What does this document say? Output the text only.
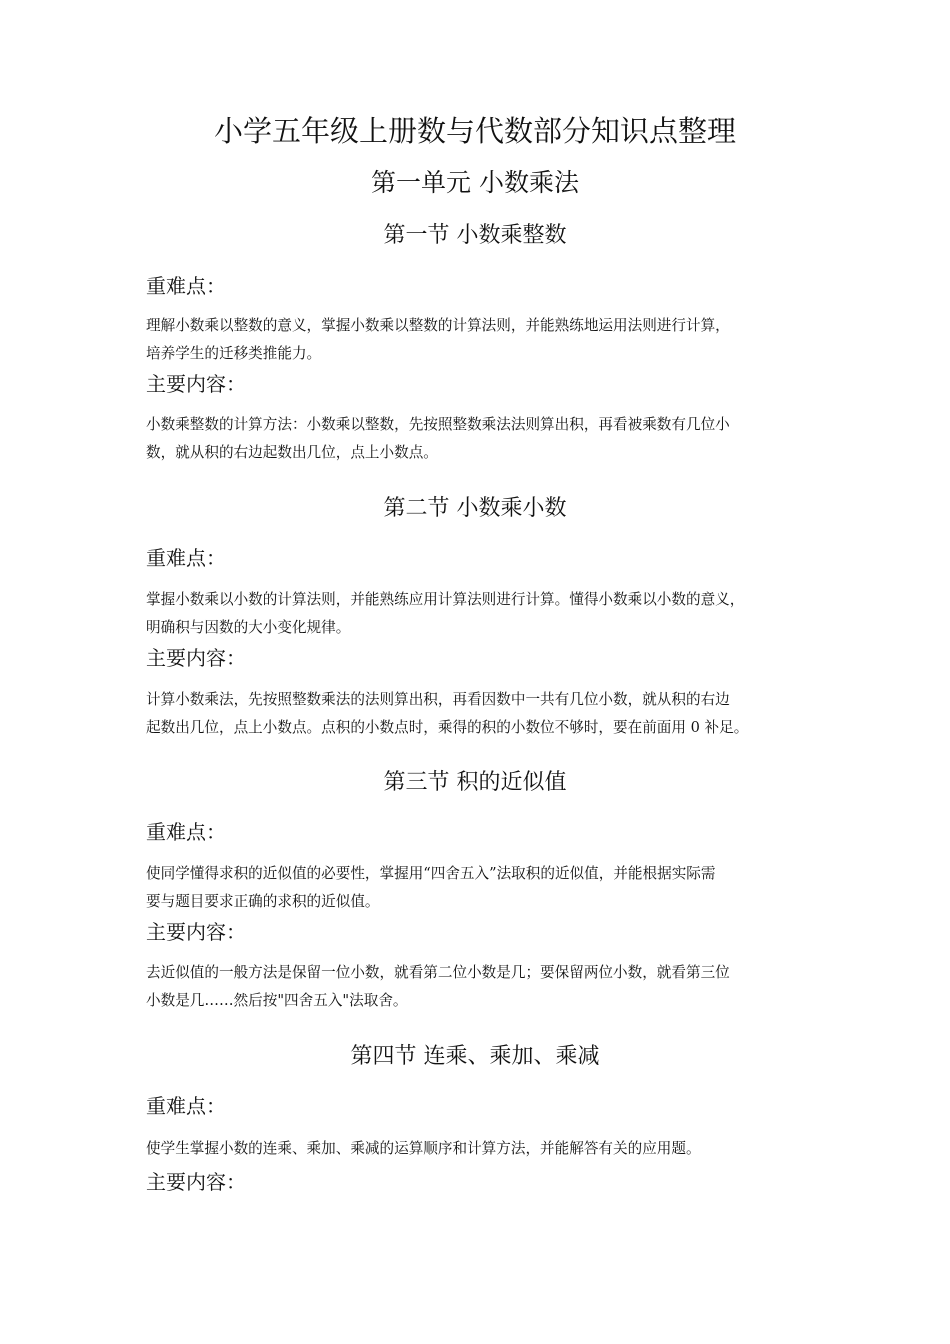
小学五年级上册数与代数部分知识点整理
第一单元 小数乘法
第一节 小数乘整数
重难点：
理解小数乘以整数的意义，掌握小数乘以整数的计算法则，并能熟练地运用法则进行计算，
培养学生的迁移类推能力。
主要内容：
小数乘整数的计算方法：小数乘以整数，先按照整数乘法法则算出积，再看被乘数有几位小
数，就从积的右边起数出几位，点上小数点。
第二节 小数乘小数
重难点：
掌握小数乘以小数的计算法则，并能熟练应用计算法则进行计算。懂得小数乘以小数的意义，
明确积与因数的大小变化规律。
主要内容：
计算小数乘法，先按照整数乘法的法则算出积，再看因数中一共有几位小数，就从积的右边
起数出几位，点上小数点。点积的小数点时，乘得的积的小数位不够时，要在前面用 0 补足。
第三节 积的近似值
重难点：
使同学懂得求积的近似值的必要性，掌握用“四舍五入”法取积的近似值，并能根据实际需
要与题目要求正确的求积的近似值。
主要内容：
去近似值的一般方法是保留一位小数，就看第二位小数是几；要保留两位小数，就看第三位
小数是几……然后按"四舍五入"法取舍。
第四节 连乘、乘加、乘减
重难点：
使学生掌握小数的连乘、乘加、乘减的运算顺序和计算方法，并能解答有关的应用题。
主要内容：
